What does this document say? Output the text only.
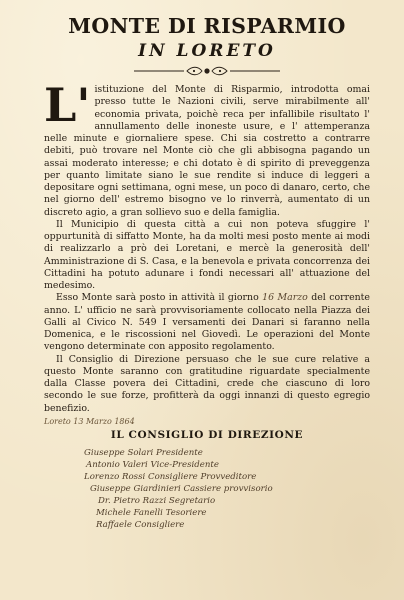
MONTE DI RISPARMIO
IN LORETO

L' istituzione del Monte di Risparmio, introdotta omai presso tutte le Nazioni civili, serve mirabilmente all' economia privata, poichè reca per infallibile risultato l' annullamento delle inoneste usure, e l' attemperanza nelle minute e giornaliere spese. Chi sia costretto a contrarre debiti, può trovare nel Monte ciò che gli abbisogna pagando un assai moderato interesse; e chi dotato è di spirito di preveggenza per quanto limitate siano le sue rendite si induce di leggeri a depositare ogni settimana, ogni mese, un poco di danaro, certo, che nel giorno dell' estremo bisogno ve lo rinverrà, aumentato di un discreto agio, a gran sollievo suo e della famiglia.

Il Municipio di questa città a cui non poteva sfuggire l' oppurtunità di siffatto Monte, ha da molti mesi posto mente ai modi di realizzarlo a prò dei Loretani, e mercè la generosità dell' Amministrazione di S. Casa, e la benevola e privata concorrenza dei Cittadini ha potuto adunare i fondi necessari all' attuazione del medesimo.

Esso Monte sarà posto in attività il giorno 16 Marzo del corrente anno. L' ufficio ne sarà provvisoriamente collocato nella Piazza dei Galli al Civico N. 549 I versamenti dei Danari si faranno nella Domenica, e le riscossioni nel Giovedì. Le operazioni del Monte vengono determinate con apposito regolamento.

Il Consiglio di Direzione persuaso che le sue cure relative a questo Monte saranno con gratitudine riguardate specialmente dalla Classe povera dei Cittadini, crede che ciascuno di loro secondo le sue forze, profitterà da oggi innanzi di questo egregio benefizio.

Loreto 13 Marzo 1864
IL CONSIGLIO DI DIREZIONE
Giuseppe Solari Presidente
Antonio Valeri Vice-Presidente
Lorenzo Rossi Consigliere Provveditore
Giuseppe Giardinieri Cassiere provvisorio
Dr. Pietro Razzi Segretario
Michele Fanelli Tesoriere
Raffaele Consigliere
